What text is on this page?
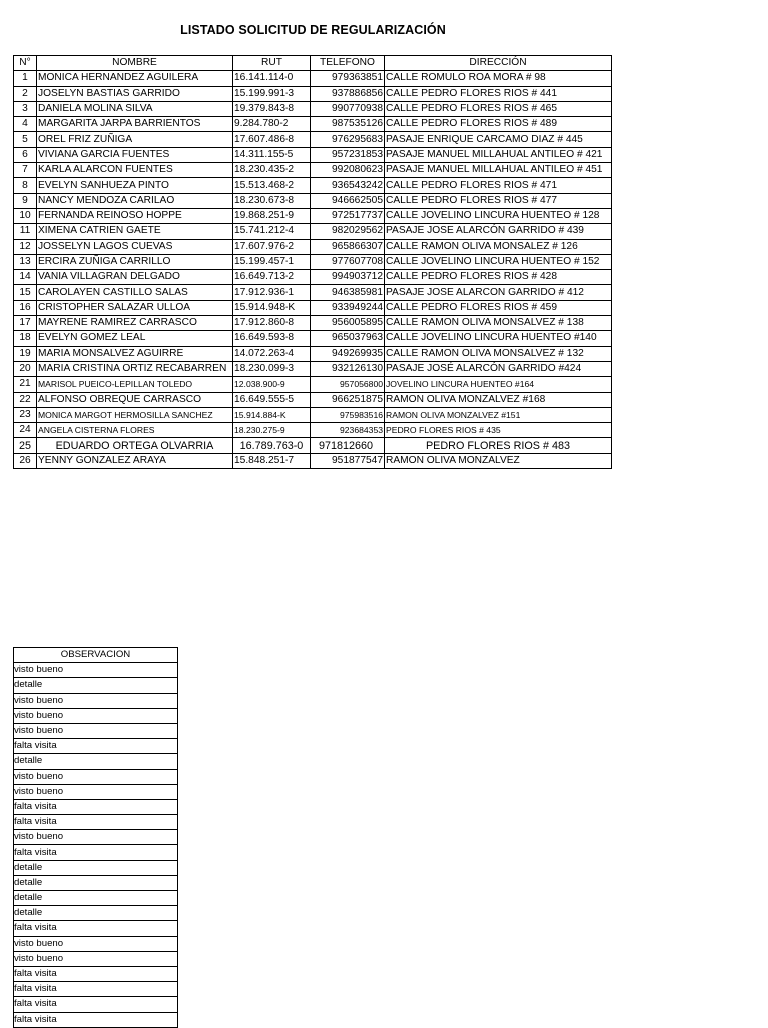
LISTADO SOLICITUD DE REGULARIZACIÓN
N°	NOMBRE	RUT	TELEFONO	DIRECCIÓN
1	MONICA HERNANDEZ AGUILERA	16.141.114-0	979363851	CALLE ROMULO ROA MORA # 98
2	JOSELYN BASTIAS GARRIDO	15.199.991-3	937886856	CALLE PEDRO FLORES RIOS # 441
3	DANIELA MOLINA SILVA	19.379.843-8	990770938	CALLE PEDRO FLORES RIOS # 465
4	MARGARITA JARPA BARRIENTOS	9.284.780-2	987535126	CALLE PEDRO FLORES RIOS # 489
5	OREL FRIZ ZUÑIGA	17.607.486-8	976295683	PASAJE ENRIQUE CARCAMO DIAZ # 445
6	VIVIANA GARCIA FUENTES	14.311.155-5	957231853	PASAJE MANUEL MILLAHUAL ANTILEO # 421
7	KARLA ALARCON FUENTES	18.230.435-2	992080623	PASAJE MANUEL MILLAHUAL ANTILEO # 451
8	EVELYN SANHUEZA PINTO	15.513.468-2	936543242	CALLE PEDRO FLORES RIOS # 471
9	NANCY MENDOZA CARILAO	18.230.673-8	946662505	CALLE PEDRO FLORES RIOS # 477
10	FERNANDA REINOSO HOPPE	19.868.251-9	972517737	CALLE JOVELINO LINCURA HUENTEO # 128
11	XIMENA CATRIEN GAETE	15.741.212-4	982029562	PASAJE JOSE ALARCÓN GARRIDO # 439
12	JOSSELYN LAGOS CUEVAS	17.607.976-2	965866307	CALLE RAMON OLIVA MONSALEZ # 126
13	ERCIRA ZUÑIGA CARRILLO	15.199.457-1	977607708	CALLE JOVELINO LINCURA HUENTEO # 152
14	VANIA VILLAGRAN DELGADO	16.649.713-2	994903712	CALLE PEDRO FLORES RIOS # 428
15	CAROLAYEN CASTILLO SALAS	17.912.936-1	946385981	PASAJE JOSE ALARCON GARRIDO # 412
16	CRISTOPHER SALAZAR ULLOA	15.914.948-K	933949244	CALLE PEDRO FLORES RIOS # 459
17	MAYRENE RAMIREZ CARRASCO	17.912.860-8	956005895	CALLE RAMON OLIVA MONSALVEZ # 138
18	EVELYN GOMEZ LEAL	16.649.593-8	965037963	CALLE JOVELINO LINCURA HUENTEO #140
19	MARIA MONSALVEZ AGUIRRE	14.072.263-4	949269935	CALLE RAMON OLIVA MONSALVEZ # 132
20	MARIA CRISTINA ORTIZ RECABARREN	18.230.099-3	932126130	PASAJE JOSÉ ALARCÓN GARRIDO #424
21	MARISOL PUEICO-LEPILLAN TOLEDO	12.038.900-9	957056800	JOVELINO LINCURA HUENTEO #164
22	ALFONSO OBREQUE CARRASCO	16.649.555-5	966251875	RAMON OLIVA MONZALVEZ #168
23	MONICA MARGOT HERMOSILLA SANCHEZ	15.914.884-K	975983516	RAMON OLIVA MONZALVEZ #151
24	ANGELA CISTERNA FLORES	18.230.275-9	923684353	PEDRO FLORES RIOS # 435
25	EDUARDO ORTEGA OLVARRIA	16.789.763-0	971812660	PEDRO FLORES RIOS # 483
26	YENNY GONZALEZ ARAYA	15.848.251-7	951877547	RAMON OLIVA MONZALVEZ
OBSERVACION
visto bueno
detalle
visto bueno
visto bueno
visto bueno
falta visita
detalle
visto bueno
visto bueno
falta visita
falta visita
visto bueno
falta visita
detalle
detalle
detalle
detalle
falta visita
visto bueno
visto bueno
falta visita
falta visita
falta visita
falta visita
